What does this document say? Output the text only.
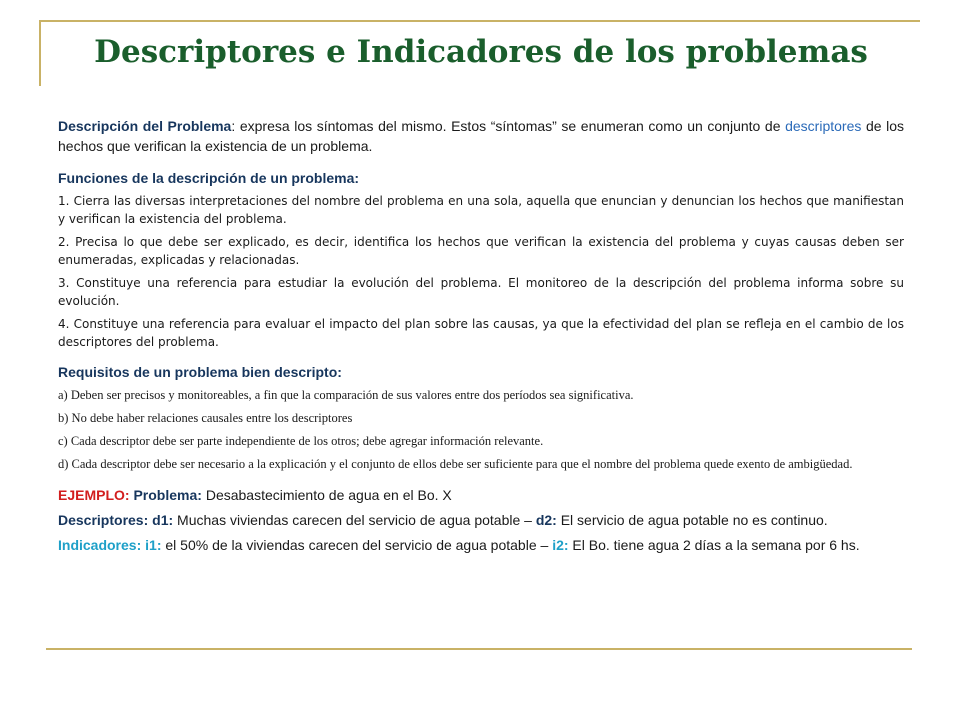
Descriptores e Indicadores de los problemas

Descripción del Problema: expresa los síntomas del mismo. Estos “síntomas” se enumeran como un conjunto de descriptores de los hechos que verifican la existencia de un problema.

Funciones de la descripción de un problema:

1. Cierra las diversas interpretaciones del nombre del problema en una sola, aquella que enuncian y denuncian los hechos que manifiestan y verifican la existencia del problema.

2. Precisa lo que debe ser explicado, es decir, identifica los hechos que verifican la existencia del problema y cuyas causas deben ser enumeradas, explicadas y relacionadas.

3. Constituye una referencia para estudiar la evolución del problema. El monitoreo de la descripción del problema informa sobre su evolución.

4. Constituye una referencia para evaluar el impacto del plan sobre las causas, ya que la efectividad del plan se refleja en el cambio de los descriptores del problema.

Requisitos de un problema bien descripto:

a) Deben ser precisos y monitoreables, a fin que la comparación de sus valores entre dos períodos sea significativa.

b) No debe haber relaciones causales entre los descriptores

c) Cada descriptor debe ser parte independiente de los otros; debe agregar información relevante.

d) Cada descriptor debe ser necesario a la explicación y el conjunto de ellos debe ser suficiente para que el nombre del problema quede exento de ambigüedad.

EJEMPLO: Problema: Desabastecimiento de agua en el Bo. X

Descriptores: d1: Muchas viviendas carecen del servicio de agua potable – d2: El servicio de agua potable no es continuo.

Indicadores: i1: el 50% de la viviendas carecen del servicio de agua potable – i2: El Bo. tiene agua 2 días a la semana por 6 hs.
